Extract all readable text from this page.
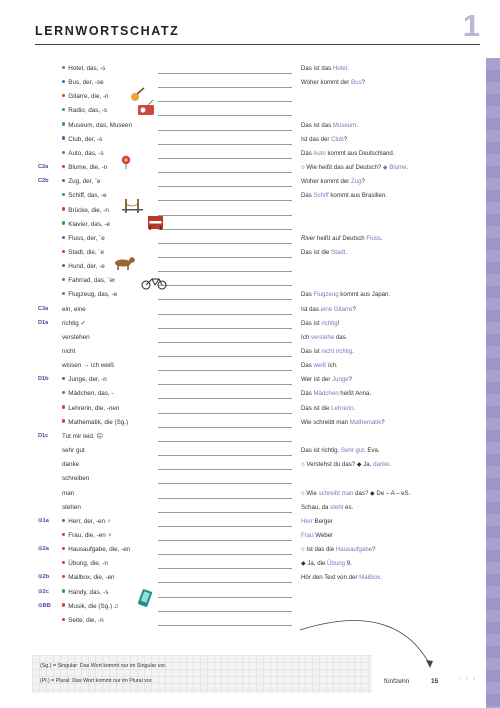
LERNWORTSCHATZ	1
Hotel, das, -s	Das ist das Hotel.
Bus, der, -se	Woher kommt der Bus?
Gitarre, die, -n
Radio, das, -s
Museum, das, Museen	Das ist das Museum.
Club, der, -s	Ist das der Club?
Auto, das, -s	Das Auto kommt aus Deutschland.
C2a	Blume, die, -n	○ Wie heißt das auf Deutsch? ◆ Blume.
C2b	Zug, der, ¨e	Woher kommt der Zug?
Schiff, das, -e	Das Schiff kommt aus Brasilien.
Brücke, die, -n
Klavier, das, -e
Fluss, der, ¨e	River heißt auf Deutsch Fluss.
Stadt, die, ¨e	Das ist die Stadt.
Hund, der, -e
Fahrrad, das, ¨er
Flugzeug, das, -e	Das Flugzeug kommt aus Japan.
C3a ein, eine	Ist das eine Gitarre?
D1a richtig ✓	Das ist richtig!
verstehen	Ich verstehe das.
nicht	Das ist nicht richtig.
wissen → ich weiß	Das weiß ich.
D1b	Junge, der, -n	Wer ist der Junge?
Mädchen, das, -	Das Mädchen heißt Anna.
Lehrerin, die, -nen	Das ist die Lehrerin.
Mathematik, die (Sg.)	Wie schreibt man Mathematik?
D1c Tut mir leid. ☹
sehr gut	Das ist richtig. Sehr gut. Eva.
danke	○ Verstehst du das? ◆ Ja, danke.
schreiben
man	○ Wie schreibt man das? ◆ De – A – eS.
stehen	Schau, da steht es.
⊙1a	Herr, der, -en ♂	Herr Berger
Frau, die, -en ♀	Frau Weber
⊙2a	Hausaufgabe, die, -en	○ Ist das die Hausaufgabe?
Übung, die, -n	◆ Ja, die Übung 9.
⊙2b	Mailbox, die, -en	Hör den Text von der Mailbox.
⊙2c	Handy, das, -s
⊙BB	Musik, die (Sg.) ♫
Seite, die, -n
(Sg.) = Singular: Das Wort kommt nur im Singular vor.
(Pl.) = Plural: Das Wort kommt nur im Plural vor.	fünfzehn	15	♀ ♀ ♀
